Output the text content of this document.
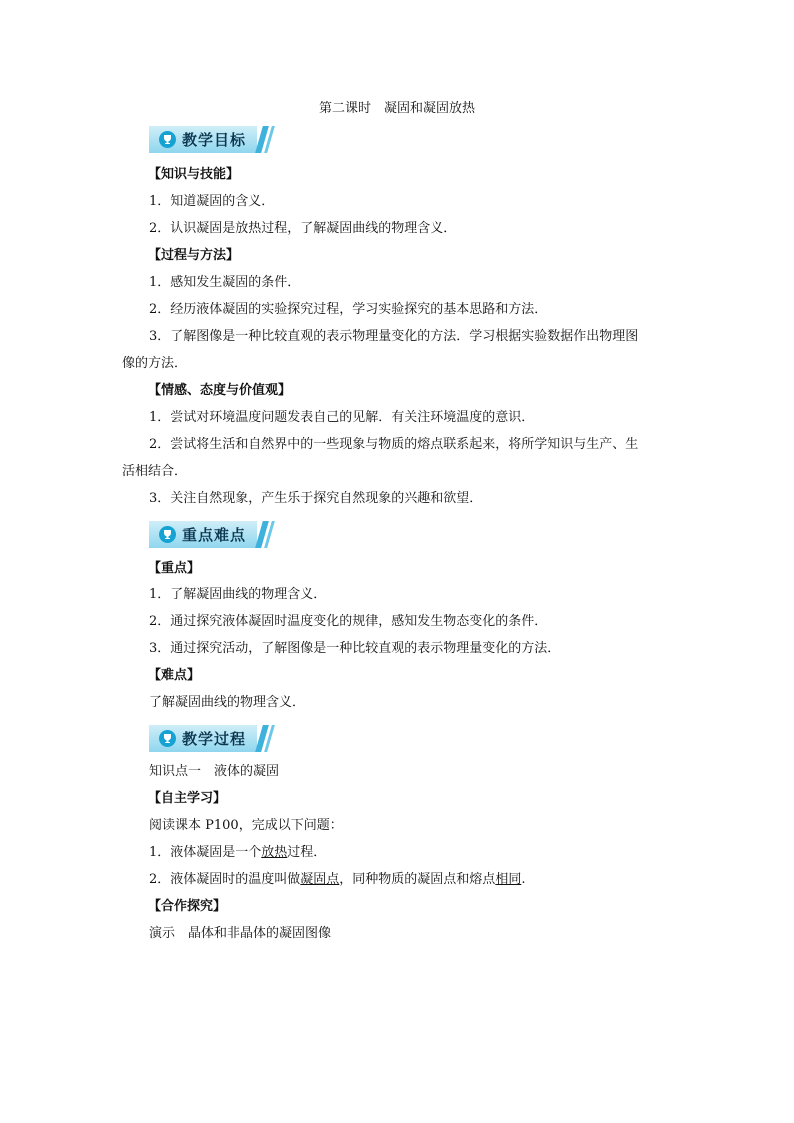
第二课时　凝固和凝固放热
教学目标
【知识与技能】
1．知道凝固的含义．
2．认识凝固是放热过程，了解凝固曲线的物理含义．
【过程与方法】
1．感知发生凝固的条件．
2．经历液体凝固的实验探究过程，学习实验探究的基本思路和方法．
3．了解图像是一种比较直观的表示物理量变化的方法．学习根据实验数据作出物理图
像的方法．
【情感、态度与价值观】
1．尝试对环境温度问题发表自己的见解．有关注环境温度的意识．
2．尝试将生活和自然界中的一些现象与物质的熔点联系起来，将所学知识与生产、生
活相结合．
3．关注自然现象，产生乐于探究自然现象的兴趣和欲望．
重点难点
【重点】
1．了解凝固曲线的物理含义．
2．通过探究液体凝固时温度变化的规律，感知发生物态变化的条件．
3．通过探究活动，了解图像是一种比较直观的表示物理量变化的方法．
【难点】
了解凝固曲线的物理含义．
教学过程
知识点一　液体的凝固
【自主学习】
阅读课本 P100，完成以下问题：
1．液体凝固是一个放热过程．
2．液体凝固时的温度叫做凝固点，同种物质的凝固点和熔点相同.
【合作探究】
演示　晶体和非晶体的凝固图像
